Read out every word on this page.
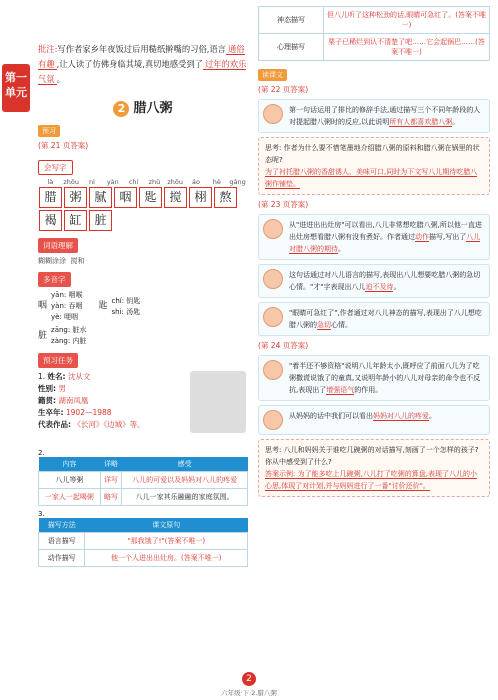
第一单元
批注:写作者家乡年夜饭过后用糙纸擀嘴的习俗,语言 通俗有趣 ,让人读了仿佛身临其境,真切地感受到了 过年的欢乐气氛 。
2 腊八粥
预习
(第 21 页答案)
会写字
là	zhōu	nì	yàn	chí	zhǔ	zhōu	áo	hè	gāng
腊	粥	腻	咽	匙	搅	栩	熬
褐	缸	脏
词语理解
糊糊涂涂 搅和
多音字
咽
yān: 咽喉
yàn: 吞咽
yè: 哽咽
匙
chí: 钥匙
shi: 汤匙
脏
zāng: 脏水
zàng: 内脏
预习任务
1. 姓名: 沈从文
性别: 男
籍贯: 湖南凤凰
生卒年: 1902—1988
代表作品: 《长河》《边城》等。
2.
内容	详略	感受
八儿等粥	详写	八儿的可爱以及妈妈对八儿的疼爱
一家人一起喝粥	略写	八儿一家其乐融融的家庭氛围。
3.
描写方法	课文原句
语言描写	"那我饿了!"(答案不唯一)
动作描写	他一个人进出出灶房。(答案不唯一)
神态描写	但八儿听了这种松劲的话,眼睛可急红了。(答案不唯一)
心理描写	栗子已稀烂到认不清楚了吧……它会起锅巴……(答案不唯一)
读课文
(第 22 页答案)
第一句话运用了排比的修辞手法,通过描写三个不同年龄段的人对提起腊八粥时的反应,以此说明所有人都喜欢腊八粥。
思考: 作者为什么要不惜笔墨地介绍腊八粥的原料和腊八粥在锅里的状态呢?
为了衬托腊八粥的香甜诱人、美味可口,同时为下文写八儿期待吃腊八粥作铺垫。
(第 23 页答案)
从"进进出出灶房"可以看出,八儿非常想吃腊八粥,所以他一直进出灶房想看腊八粥有没有煮好。作者通过动作描写,写出了八儿对腊八粥的期待。
这句话通过对八儿语言的描写,表现出八儿想要吃腊八粥的急切心情。"才"字表现出八儿迫不及待。
"眼睛可急红了",作者通过对八儿神态的描写,表现出了八儿想吃腊八粥的急切心情。
(第 24 页答案)
"着半还不够资格"说明八儿年龄太小,既呼应了前面八儿为了吃粥撒谎说饿了的童真,又说明年龄小的八儿对母亲的命令也不反抗,表现出了增强语气的作用。
从妈妈的话中我们可以看出妈妈对八儿的疼爱。
思考: 八儿和妈妈关于谁吃几碗粥的对话描写,刻画了一个怎样的孩子?你从中感受到了什么?
答案示例: 为了能多吃上几碗粥,八儿打了吃粥的算盘,表现了八儿的小心思,体现了对计划,并与妈妈进行了一番"讨价还价"。
2
六年级·下·2.腊八粥
